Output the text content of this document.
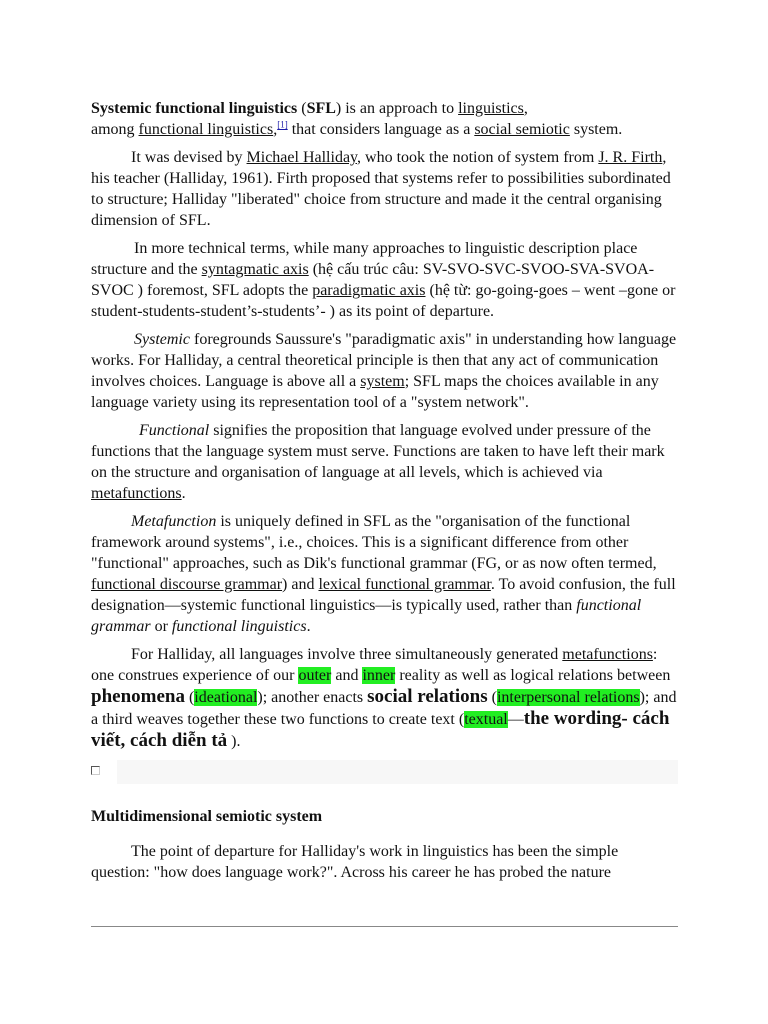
Systemic functional linguistics (SFL) is an approach to linguistics,
among functional linguistics,[1] that considers language as a social semiotic system.

It was devised by Michael Halliday, who took the notion of system from J. R. Firth, his teacher (Halliday, 1961). Firth proposed that systems refer to possibilities subordinated to structure; Halliday "liberated" choice from structure and made it the central organising dimension of SFL.

In more technical terms, while many approaches to linguistic description place structure and the syntagmatic axis (hệ cấu trúc câu: SV-SVO-SVC-SVOO-SVA-SVOA- SVOC ) foremost, SFL adopts the paradigmatic axis (hệ từ: go-going-goes – went –gone or student-students-student’s-students’- ) as its point of departure.

Systemic foregrounds Saussure's "paradigmatic axis" in understanding how language works. For Halliday, a central theoretical principle is then that any act of communication involves choices. Language is above all a system; SFL maps the choices available in any language variety using its representation tool of a "system network".

Functional signifies the proposition that language evolved under pressure of the functions that the language system must serve. Functions are taken to have left their mark on the structure and organisation of language at all levels, which is achieved via metafunctions.

Metafunction is uniquely defined in SFL as the "organisation of the functional framework around systems", i.e., choices. This is a significant difference from other "functional" approaches, such as Dik's functional grammar (FG, or as now often termed, functional discourse grammar) and lexical functional grammar. To avoid confusion, the full designation—systemic functional linguistics—is typically used, rather than functional grammar or functional linguistics.

For Halliday, all languages involve three simultaneously generated metafunctions: one construes experience of our outer and inner reality as well as logical relations between phenomena (ideational); another enacts social relations (interpersonal relations); and a third weaves together these two functions to create text (textual—the wording- cách viết, cách diễn tả ).

Multidimensional semiotic system

The point of departure for Halliday's work in linguistics has been the simple question: "how does language work?". Across his career he has probed the nature
